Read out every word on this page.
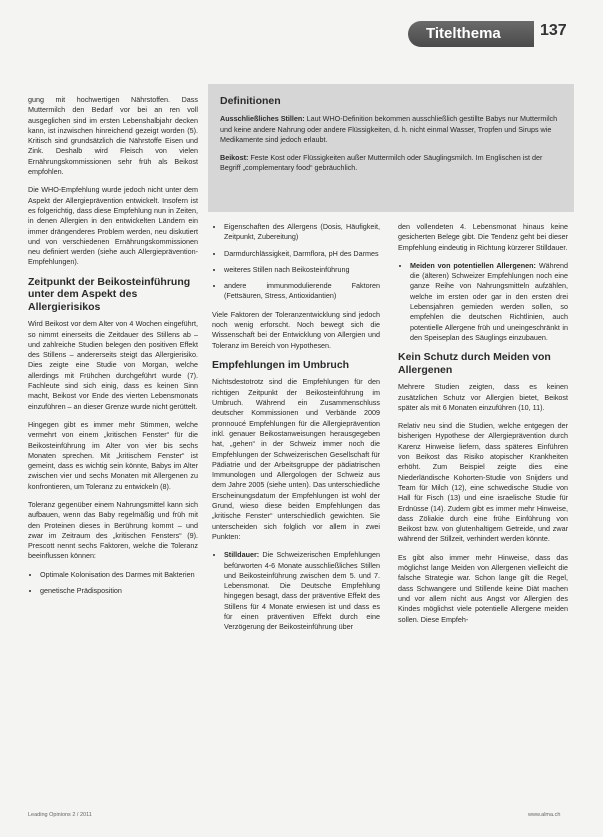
Titelthema	137

gung mit hochwertigen Nährstoffen. Dass Muttermilch den Bedarf vor bei an ren voll ausgeglichen sind im ersten Lebenshalbjahr decken kann, ist inzwischen hinreichend gezeigt worden (5). Kritisch sind grundsätzlich die Nährstoffe Eisen und Zink. Deshalb wird Fleisch von vielen Ernährungskommissionen sehr früh als Beikost empfohlen.

Die WHO-Empfehlung wurde jedoch nicht unter dem Aspekt der Allergieprävention entwickelt. Insofern ist es folgerichtig, dass diese Empfehlung nun in Zeiten, in denen Allergien in den entwickelten Ländern ein immer drängenderes Problem werden, neu diskutiert und von verschiedenen Ernährungskommissionen neu definiert werden (siehe auch Allergieprävention-Empfehlungen).

Zeitpunkt der Beikosteinführung unter dem Aspekt des Allergierisikos

Wird Beikost vor dem Alter von 4 Wochen eingeführt, so nimmt einerseits die Zeitdauer des Stillens ab – und zahlreiche Studien belegen den positiven Effekt des Stillens – andererseits steigt das Allergierisiko. Dies zeigte eine Studie von Morgan, welche allerdings mit Frühchen durchgeführt wurde (7). Fachleute sind sich einig, dass es keinen Sinn macht, Beikost vor Ende des vierten Lebensmonats einzuführen – an dieser Grenze wurde nicht gerüttelt.

Hingegen gibt es immer mehr Stimmen, welche vermehrt von einem „kritischen Fenster“ für die Beikosteinführung im Alter von vier bis sechs Monaten sprechen. Mit „kritischem Fenster“ ist gemeint, dass es wichtig sein könnte, Babys im Alter zwischen vier und sechs Monaten mit Allergenen zu konfrontieren, um Toleranz zu entwickeln (8).

Toleranz gegenüber einem Nahrungsmittel kann sich aufbauen, wenn das Baby regelmäßig und früh mit den Proteinen dieses in Berührung kommt – und zwar im Zeitraum des „kritischen Fensters“ (9). Prescott nennt sechs Faktoren, welche die Toleranz beeinflussen können:

• Optimale Kolonisation des Darmes mit Bakterien
• genetische Prädisposition
Definitionen

Ausschließliches Stillen: Laut WHO-Definition bekommen ausschließlich gestillte Babys nur Muttermilch und keine andere Nahrung oder andere Flüssigkeiten, d. h. nicht einmal Wasser, Tropfen und Sirups wie Medikamente sind jedoch erlaubt.

Beikost: Feste Kost oder Flüssigkeiten außer Muttermilch oder Säuglingsmilch. Im Englischen ist der Begriff „complementary food“ gebräuchlich.

• Eigenschaften des Allergens (Dosis, Häufigkeit, Zeitpunkt, Zubereitung)
• Darmdurchlässigkeit, Darmflora, pH des Darmes
• weiteres Stillen nach Beikosteinführung
• andere immunmodulierende Faktoren (Fettsäuren, Stress, Antioxidantien)

Viele Faktoren der Toleranzentwicklung sind jedoch noch wenig erforscht. Noch bewegt sich die Wissenschaft bei der Entwicklung von Allergien und Toleranz im Bereich von Hypothesen.

Empfehlungen im Umbruch

Nichtsdestotrotz sind die Empfehlungen für den richtigen Zeitpunkt der Beikosteinführung im Umbruch. Während ein Zusammenschluss deutscher Kommissionen und Verbände 2009 pronnoucé Empfehlungen für die Allergieprävention inkl. genauer Beikostanweisungen herausgegeben hat, „gehen“ in der Schweiz immer noch die Empfehlungen der Schweizerischen Gesellschaft für Pädiatrie und der Arbeitsgruppe der pädiatrischen Immunologen und Allergologen der Schweiz aus dem Jahre 2005 (siehe unten). Das unterschiedliche Erscheinungsdatum der Empfehlungen ist wohl der Grund, wieso diese beiden Empfehlungen das „kritische Fenster“ unterschiedlich gewichten. Sie unterscheiden sich folglich vor allem in zwei Punkten:

• Stilldauer: Die Schweizerischen Empfehlungen befürworten 4-6 Monate ausschließliches Stillen und Beikosteinführung zwischen dem 5. und 7. Lebensmonat. Die Deutsche Empfehlung hingegen besagt, dass der präventive Effekt des Stillens für 4 Monate erwiesen ist und dass es für einen präventiven Effekt durch eine Verzögerung der Beikosteinführung über

den vollendeten 4. Lebensmonat hinaus keine gesicherten Belege gibt. Die Tendenz geht bei dieser Empfehlung eindeutig in Richtung kürzerer Stilldauer.

• Meiden von potentiellen Allergenen: Während die (älteren) Schweizer Empfehlungen noch eine ganze Reihe von Nahrungsmitteln aufzählen, welche im ersten oder gar in den ersten drei Lebensjahren gemieden werden sollen, so empfehlen die deutschen Richtlinien, auch potentielle Allergene früh und uneingeschränkt in den Speiseplan des Säuglings einzubauen.
Kein Schutz durch Meiden von Allergenen

Mehrere Studien zeigten, dass es keinen zusätzlichen Schutz vor Allergien bietet, Beikost später als mit 6 Monaten einzuführen (10, 11).

Relativ neu sind die Studien, welche entgegen der bisherigen Hypothese der Allergieprävention durch Karenz Hinweise liefern, dass späteres Einführen von Beikost das Risiko atopischer Krankheiten erhöht. Zum Beispiel zeigte dies eine Niederländische Kohorten-Studie von Snijders und Team für Milch (12), eine schwedische Studie von Hall für Fisch (13) und eine israelische Studie für Erdnüsse (14). Zudem gibt es immer mehr Hinweise, dass Zöliakie durch eine frühe Einführung von Beikost bzw. von glutenhaltigem Getreide, und zwar während der Stillzeit, verhindert werden könnte.

Es gibt also immer mehr Hinweise, dass das möglichst lange Meiden von Allergenen vielleicht die falsche Strategie war. Schon lange gilt die Regel, dass Schwangere und Stillende keine Diät machen und vor allem nicht aus Angst vor Allergien des Kindes möglichst viele potentielle Allergene meiden sollen. Diese Empfeh-

Leading Opinions 2 / 2011	www.alma.ch
